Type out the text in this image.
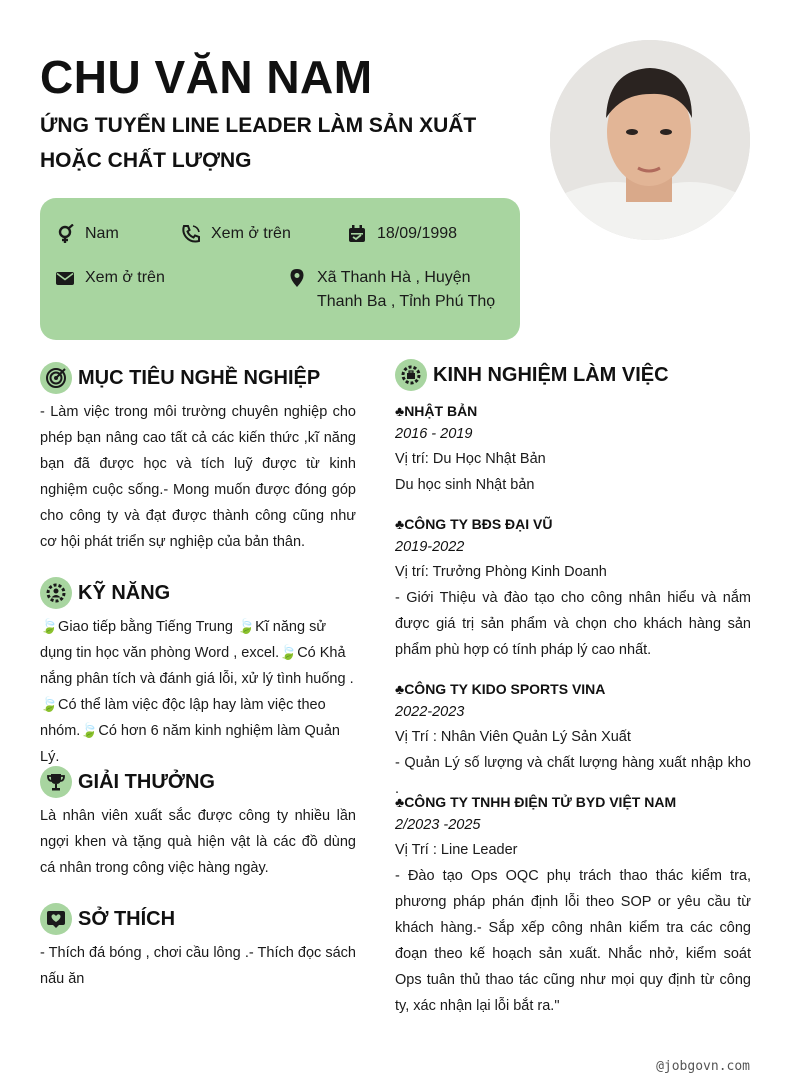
CHU VĂN NAM
ỨNG TUYỂN LINE LEADER LÀM SẢN XUẤT HOẶC CHẤT LƯỢNG
Nam	Xem ở trên	18/09/1998
Xem ở trên	Xã Thanh Hà , Huyện Thanh Ba , Tỉnh Phú Thọ
MỤC TIÊU NGHỀ NGHIỆP
- Làm việc trong môi trường chuyên nghiệp cho phép bạn nâng cao tất cả các kiến thức ,kĩ năng bạn đã được học và tích luỹ được từ kinh nghiệm cuộc sống.- Mong muốn được đóng góp cho công ty và đạt được thành công cũng như cơ hội phát triển sự nghiệp của bản thân.
KỸ NĂNG
🍃Giao tiếp bằng Tiếng Trung 🍃Kĩ năng sử dụng tin học văn phòng Word , excel.🍃Có Khả nắng phân tích và đánh giá lỗi, xử lý tình huống .🍃Có thể làm việc độc lập hay làm việc theo nhóm.🍃Có hơn 6 năm kinh nghiệm làm Quản Lý.
GIẢI THƯỞNG
Là nhân viên xuất sắc được công ty nhiều lần ngợi khen và tặng quà hiện vật là các đồ dùng cá nhân trong công việc hàng ngày.
SỞ THÍCH
- Thích đá bóng , chơi cầu lông .- Thích đọc sách nấu ăn
KINH NGHIỆM LÀM VIỆC
♣NHẬT BẢN
2016 - 2019
Vị trí: Du Học Nhật Bản
Du học sinh Nhật bản
♣CÔNG TY BĐS ĐẠI VŨ
2019-2022
Vị trí: Trưởng Phòng Kinh Doanh
- Giới Thiệu và đào tạo cho công nhân hiểu và nắm được giá trị sản phẩm và chọn cho khách hàng sản phẩm phù hợp có tính pháp lý cao nhất.
♣CÔNG TY KIDO SPORTS VINA
2022-2023
Vị Trí : Nhân Viên Quản Lý Sản Xuất
- Quản Lý số lượng và chất lượng hàng xuất nhập kho .
♣CÔNG TY TNHH ĐIỆN TỬ BYD VIỆT NAM
2/2023 -2025
Vị Trí : Line Leader
- Đào tạo Ops OQC phụ trách thao thác kiểm tra, phương pháp phán định lỗi theo SOP or yêu cầu từ khách hàng.- Sắp xếp công nhân kiểm tra các công đoạn theo kế hoạch sản xuất. Nhắc nhở, kiểm soát Ops tuân thủ thao tác cũng như mọi quy định từ công ty, xác nhận lại lỗi bắt ra."
@jobgovn.com
